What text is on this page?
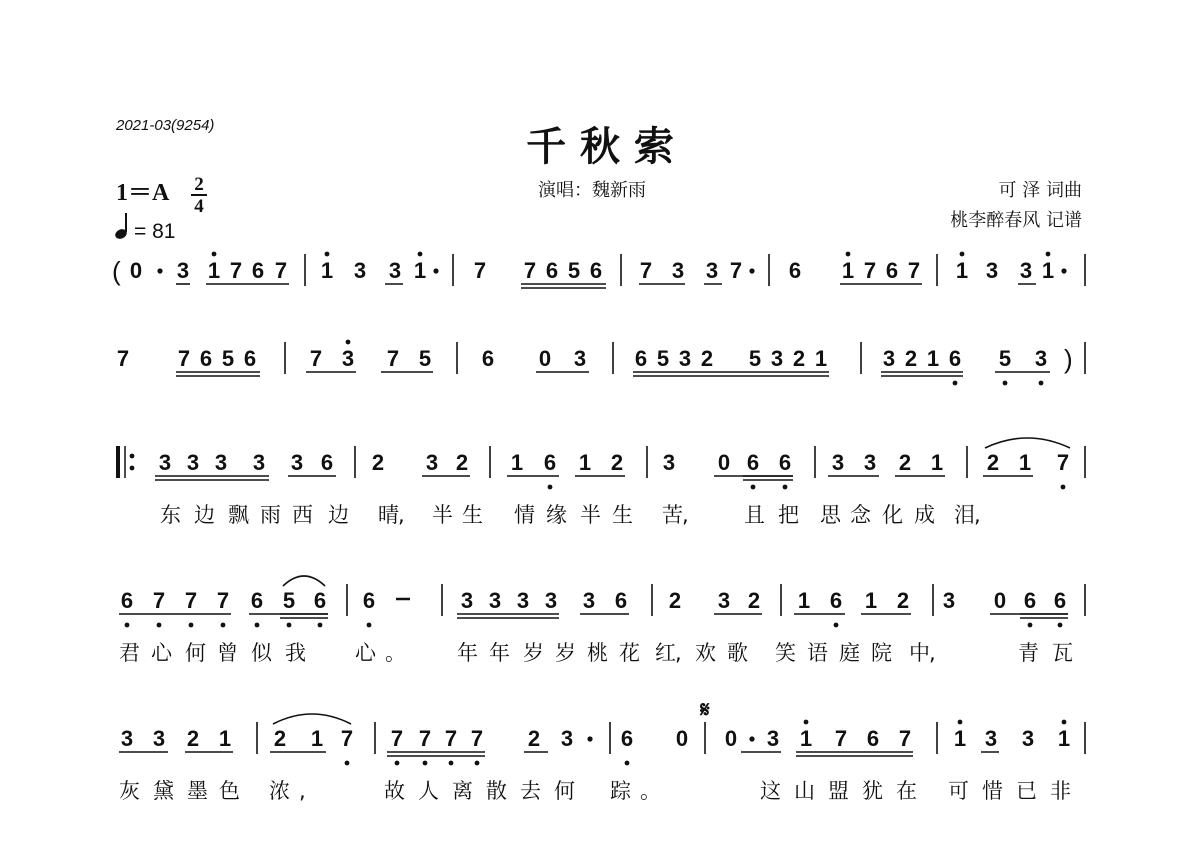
2021-03(9254)	千 秋 索
1＝A 2
4
= 81
演唱：魏新雨	可 泽 词曲
桃李醉春风 记谱
( 0 3 1 7 6 7 1 3 3 1 7 7 6 5 6 7 3 3 7 6 1 7 6 7 1 3 3 1
7 7 6 5 6 7 3 7 5 6 0 3 6 5 3 2 5 3 2 1	3 2 1 6 5 3
3 3 3 3 3 6 2 3 2 1 6 1 2 3 0 6 6 3 3 2 1 2 1 7
6 7 7 7 6 5 6 6	3 3 3 3 3 6 2 3 2 1 6 1 2 3 0 6 6
3 3 2 1 2 1 7 7 7 7 7 2 3 6 0 0 3 1 7 6 7 1 3 3 1
)
𝄋
东 边 飘 雨 西 边 晴 , 半 生 情 缘 半 生 苦 ,	且 把 思 念 化 成 泪 ,
君 心 何 曾 似 我 心 。 年 年 岁 岁 桃 花 红 , 欢 歌 笑 语 庭 院 中 ,	青 瓦
灰 黛 墨 色 浓 ,	故 人 离 散 去 何 踪 。	这 山 盟 犹 在 可 惜 已 非
